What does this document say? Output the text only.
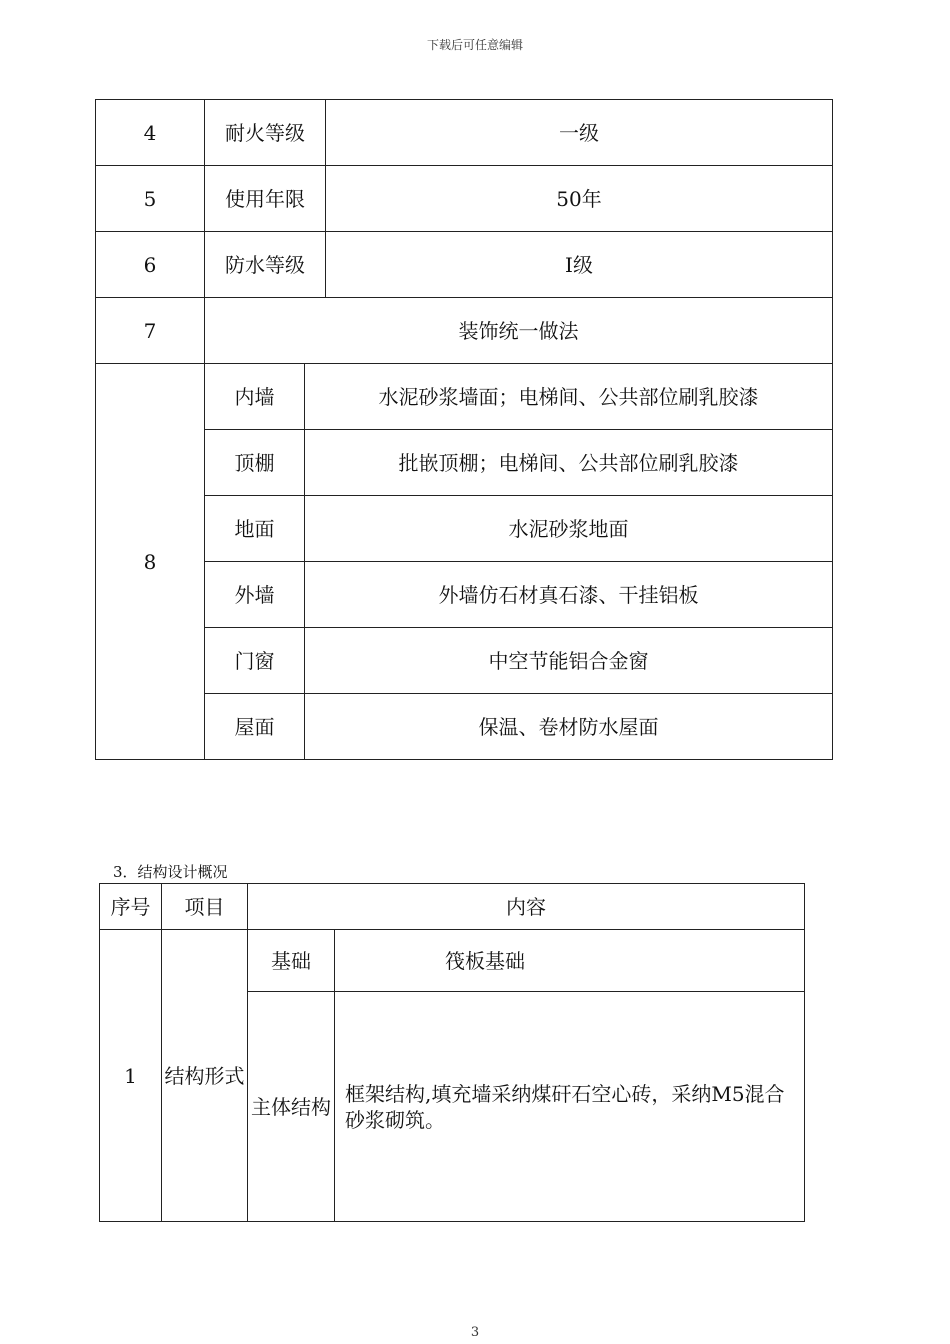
下载后可任意编辑
4	耐火等级		一级
5	使用年限		50年
6	防水等级		Ⅰ级
7	装饰统一做法		
8	内墙	水泥砂浆墙面；电梯间、公共部位刷乳胶漆	
	顶棚	批嵌顶棚；电梯间、公共部位刷乳胶漆	
	地面	水泥砂浆地面	
	外墙	外墙仿石材真石漆、干挂铝板	
	门窗	中空节能铝合金窗	
	屋面	保温、卷材防水屋面	
3．结构设计概况
序号	项目	内容	
1	结构形式	基础	筏板基础
		主体结构	框架结构,填充墙采纳煤矸石空心砖，采纳M5混合砂浆砌筑。
3
